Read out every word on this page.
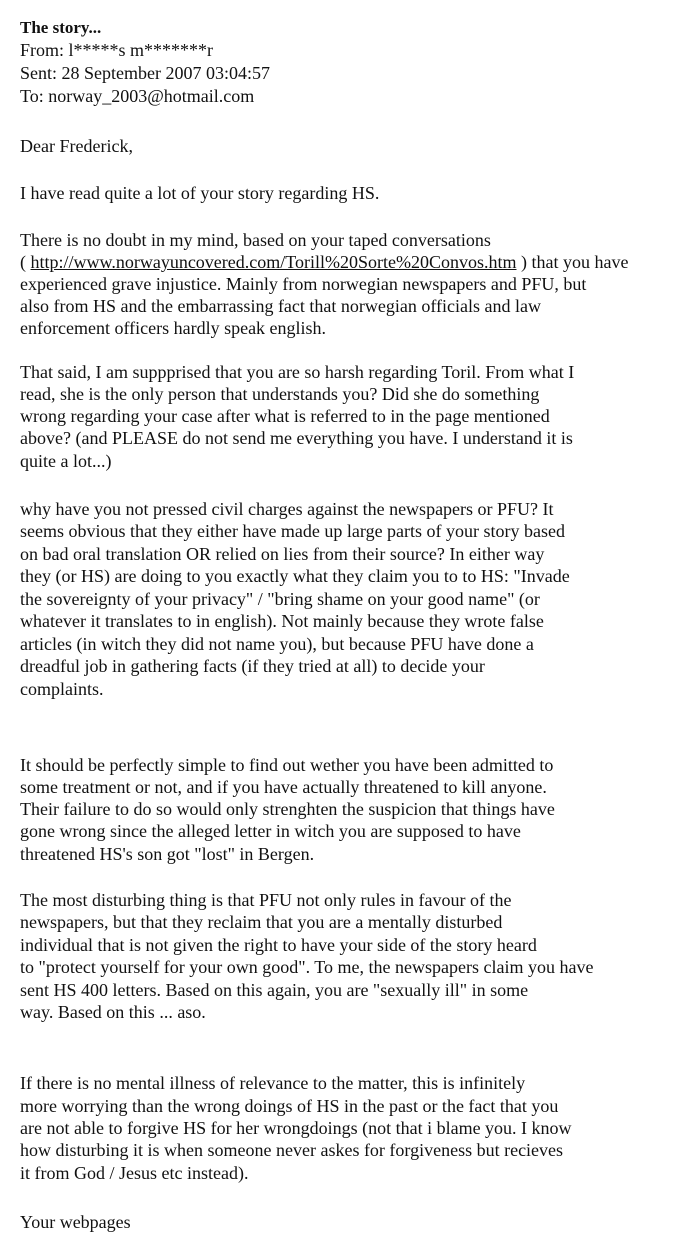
The story...
From: l*****s m*******r
Sent: 28 September 2007 03:04:57
To: norway_2003@hotmail.com
Dear Frederick,
I have read quite a lot of your story regarding HS.
There is no doubt in my mind, based on your taped conversations
( http://www.norwayuncovered.com/Torill%20Sorte%20Convos.htm ) that you have
experienced grave injustice. Mainly from norwegian newspapers and PFU, but
also from HS and the embarrassing fact that norwegian officials and law
enforcement officers hardly speak english.
That said, I am suppprised that you are so harsh regarding Toril. From what I
read, she is the only person that understands you? Did she do something
wrong regarding your case after what is referred to in the page mentioned
above? (and PLEASE do not send me everything you have. I understand it is
quite a lot...)
why have you not pressed civil charges against the newspapers or PFU? It
seems obvious that they either have made up large parts of your story based
on bad oral translation OR relied on lies from their source? In either way
they (or HS) are doing to you exactly what they claim you to to HS: "Invade
the sovereignty of your privacy" / "bring shame on your good name" (or
whatever it translates to in english). Not mainly because they wrote false
articles (in witch they did not name you), but because PFU have done a
dreadful job in gathering facts (if they tried at all) to decide your
complaints.
It should be perfectly simple to find out wether you have been admitted to
some treatment or not, and if you have actually threatened to kill anyone.
Their failure to do so would only strenghten the suspicion that things have
gone wrong since the alleged letter in witch you are supposed to have
threatened HS's son got "lost" in Bergen.
The most disturbing thing is that PFU not only rules in favour of the
newspapers, but that they reclaim that you are a mentally disturbed
individual that is not given the right to have your side of the story heard
to "protect yourself for your own good". To me, the newspapers claim you have
sent HS 400 letters. Based on this again, you are "sexually ill" in some
way. Based on this ... aso.
If there is no mental illness of relevance to the matter, this is infinitely
more worrying than the wrong doings of HS in the past or the fact that you
are not able to forgive HS for her wrongdoings (not that i blame you. I know
how disturbing it is when someone never askes for forgiveness but recieves
it from God / Jesus etc instead).
Your webpages
